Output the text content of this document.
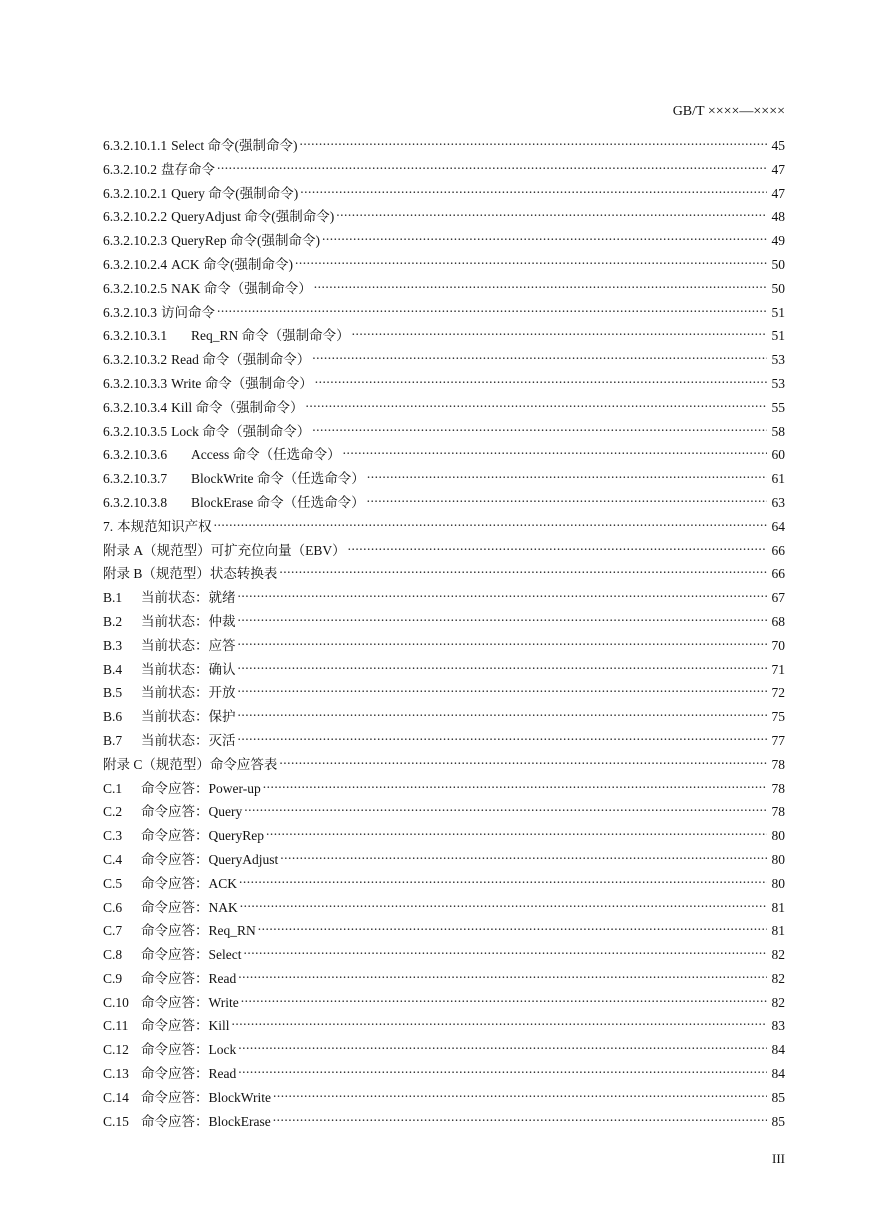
GB/T ××××—××××
6.3.2.10.1.1 Select 命令(强制命令) .....	45
6.3.2.10.2 盘存命令 .....	47
6.3.2.10.2.1 Query 命令(强制命令) .....	47
6.3.2.10.2.2 QueryAdjust 命令(强制命令) .....	48
6.3.2.10.2.3 QueryRep 命令(强制命令) .....	49
6.3.2.10.2.4 ACK 命令(强制命令) .....	50
6.3.2.10.2.5 NAK 命令（强制命令） .....	50
6.3.2.10.3 访问命令 .....	51
6.3.2.10.3.1	Req_RN 命令（强制命令） .....	51
6.3.2.10.3.2 Read 命令（强制命令） .....	53
6.3.2.10.3.3 Write 命令（强制命令） .....	53
6.3.2.10.3.4 Kill 命令（强制命令） .....	55
6.3.2.10.3.5 Lock 命令（强制命令） .....	58
6.3.2.10.3.6	Access 命令（任选命令） .....	60
6.3.2.10.3.7	BlockWrite 命令（任选命令） .....	61
6.3.2.10.3.8	BlockErase 命令（任选命令） .....	63
7. 本规范知识产权 .....	64
附录 A（规范型）可扩充位向量（EBV） .....	66
附录 B（规范型）状态转换表 .....	66
B.1	当前状态：就绪 .....	67
B.2	当前状态：仲裁 .....	68
B.3	当前状态：应答 .....	70
B.4	当前状态：确认 .....	71
B.5	当前状态：开放 .....	72
B.6	当前状态：保护 .....	75
B.7	当前状态：灭活 .....	77
附录 C（规范型）命令应答表 .....	78
C.1	命令应答：Power-up .....	78
C.2	命令应答：Query .....	78
C.3	命令应答：QueryRep .....	80
C.4	命令应答：QueryAdjust .....	80
C.5	命令应答：ACK .....	80
C.6	命令应答：NAK .....	81
C.7	命令应答：Req_RN .....	81
C.8	命令应答：Select .....	82
C.9	命令应答：Read .....	82
C.10 命令应答：Write .....	82
C.11 命令应答：Kill .....	83
C.12 命令应答：Lock .....	84
C.13 命令应答：Read .....	84
C.14 命令应答：BlockWrite .....	85
C.15 命令应答：BlockErase .....	85
III
